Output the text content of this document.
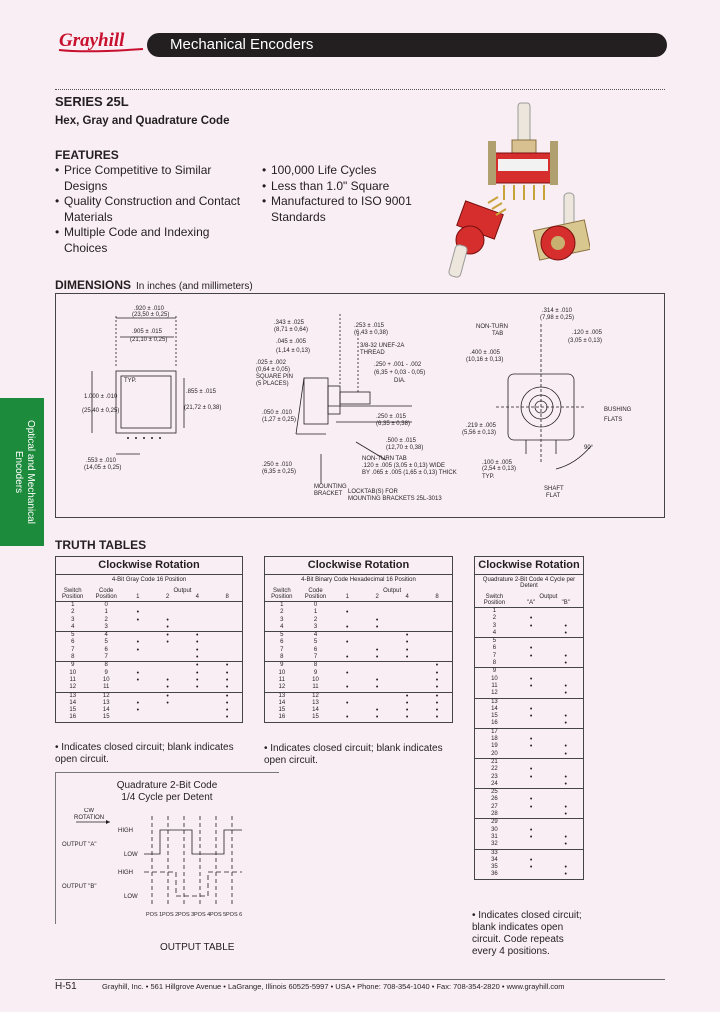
Grayhill	Mechanical Encoders
SERIES 25L
Hex, Gray and Quadrature Code
FEATURES
• Price Competitive to Similar Designs
• Quality Construction and Contact Materials
• Multiple Code and Indexing Choices
• 100,000 Life Cycles
• Less than 1.0" Square
• Manufactured to ISO 9001 Standards
Optical and Mechanical Encoders
DIMENSIONS In inches (and millimeters)
TYP.
.920 ± .010
(23,50 ± 0,25)
.905 ± .015
(21,10 ± 0,25)
1.000 ± .010
(25,40 ± 0,25)
.855 ± .015
(21,72 ± 0,38)
.553 ± .010
(14,05 ± 0,25)
.343 ± .025
(8,71 ± 0,64)
.045 ± .005
(1,14 ± 0,13)
.025 ± .002
(0,64 ± 0,05)
SQUARE PIN
(5 PLACES)
.050 ± .010
(1,27 ± 0,25)
.250 ± .010
(6,35 ± 0,25)
MOUNTING
BRACKET
.253 ± .015
(6,43 ± 0,38)
3/8-32 UNEF-2A
THREAD
.250 + .001 - .002
(6,35 + 0,03 - 0,05)
DIA.
.250 ± .015
(6,35 ± 0,38)
.500 ± .015
(12,70 ± 0,38)
NON-TURN TAB
.120 ± .005 (3,05 ± 0,13) WIDE
BY .065 ± .005 (1,65 ± 0,13) THICK
LOCKTAB(S) FOR
MOUNTING BRACKETS 25L-3013
.314 ± .010
(7,98 ± 0,25)
.120 ± .005
(3,05 ± 0,13)
NON-TURN
TAB
.400 ± .005
(10,16 ± 0,13)
.219 ± .005
(5,56 ± 0,13)
.100 ± .005
(2,54 ± 0,13)
TYP.
BUSHING
FLATS
90°
SHAFT
FLAT
TRUTH TABLES
Clockwise Rotation
4-Bit Gray Code 16 Position
Switch Position	Code Position	Output
1 2 4 8			

1	0				
2	1	•			
3	2	•	•		
4	3		•		
5	4		•	•	
6	5	•	•	•	
7	6	•		•	
8	7			•	
9	8			•	•
10	9	•		•	•
11	10	•	•	•	•
12	11		•	•	•
13	12		•		•
14	13	•	•		•
15	14	•			•
16	15				•
Clockwise Rotation
4-Bit Binary Code Hexadecimal 16 Position
Switch Position	Code Position	Output
1 2 4 8			

1	0				
2	1	•			
3	2		•		
4	3	•	•		
5	4			•	
6	5	•		•	
7	6		•	•	
8	7	•	•	•	
9	8				•
10	9	•			•
11	10		•		•
12	11	•	•		•
13	12			•	•
14	13	•		•	•
15	14		•	•	•
16	15	•	•	•	•
Clockwise Rotation
Quadrature 2-Bit Code 4 Cycle per Detent
Switch Position	Output
"A" "B"	

1		
2	•	
3	•	•
4		•
5		
6	•	
7	•	•
8		•
9		
10	•	
11	•	•
12		•
13		
14	•	
15	•	•
16		•
17		
18	•	
19	•	•
20		•
21		
22	•	
23	•	•
24		•
25		
26	•	
27	•	•
28		•
29		
30	•	
31	•	•
32		•
33		
34	•	
35	•	•
36		•
• Indicates closed circuit; blank indicates open circuit.
• Indicates closed circuit; blank indicates open circuit.
• Indicates closed circuit; blank indicates open circuit. Code repeats every 4 positions.
Quadrature 2-Bit Code
1/4 Cycle per Detent
CW
ROTATION
OUTPUT "A"
HIGH
LOW
OUTPUT "B"
HIGH
LOW
POS 1 POS 2 POS 3 POS 4 POS 5 POS 6
OUTPUT TABLE
H-51	Grayhill, Inc. • 561 Hillgrove Avenue • LaGrange, Illinois 60525-5997 • USA • Phone: 708-354-1040 • Fax: 708-354-2820 • www.grayhill.com
